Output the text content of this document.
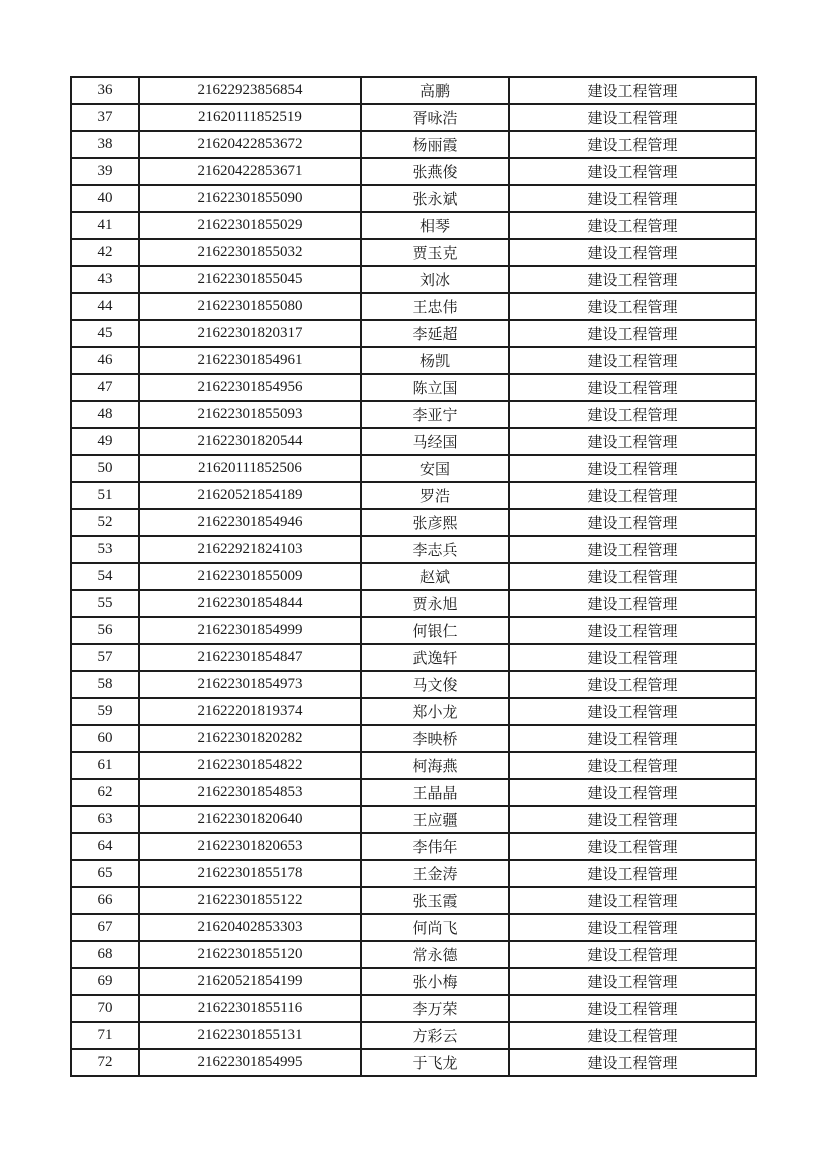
36	21622923856854	高鹏	建设工程管理
37	21620111852519	胥咏浩	建设工程管理
38	21620422853672	杨丽霞	建设工程管理
39	21620422853671	张燕俊	建设工程管理
40	21622301855090	张永斌	建设工程管理
41	21622301855029	相琴	建设工程管理
42	21622301855032	贾玉克	建设工程管理
43	21622301855045	刘冰	建设工程管理
44	21622301855080	王忠伟	建设工程管理
45	21622301820317	李延超	建设工程管理
46	21622301854961	杨凯	建设工程管理
47	21622301854956	陈立国	建设工程管理
48	21622301855093	李亚宁	建设工程管理
49	21622301820544	马经国	建设工程管理
50	21620111852506	安国	建设工程管理
51	21620521854189	罗浩	建设工程管理
52	21622301854946	张彦熙	建设工程管理
53	21622921824103	李志兵	建设工程管理
54	21622301855009	赵斌	建设工程管理
55	21622301854844	贾永旭	建设工程管理
56	21622301854999	何银仁	建设工程管理
57	21622301854847	武逸轩	建设工程管理
58	21622301854973	马文俊	建设工程管理
59	21622201819374	郑小龙	建设工程管理
60	21622301820282	李映桥	建设工程管理
61	21622301854822	柯海燕	建设工程管理
62	21622301854853	王晶晶	建设工程管理
63	21622301820640	王应疆	建设工程管理
64	21622301820653	李伟年	建设工程管理
65	21622301855178	王金涛	建设工程管理
66	21622301855122	张玉霞	建设工程管理
67	21620402853303	何尚飞	建设工程管理
68	21622301855120	常永德	建设工程管理
69	21620521854199	张小梅	建设工程管理
70	21622301855116	李万荣	建设工程管理
71	21622301855131	方彩云	建设工程管理
72	21622301854995	于飞龙	建设工程管理
